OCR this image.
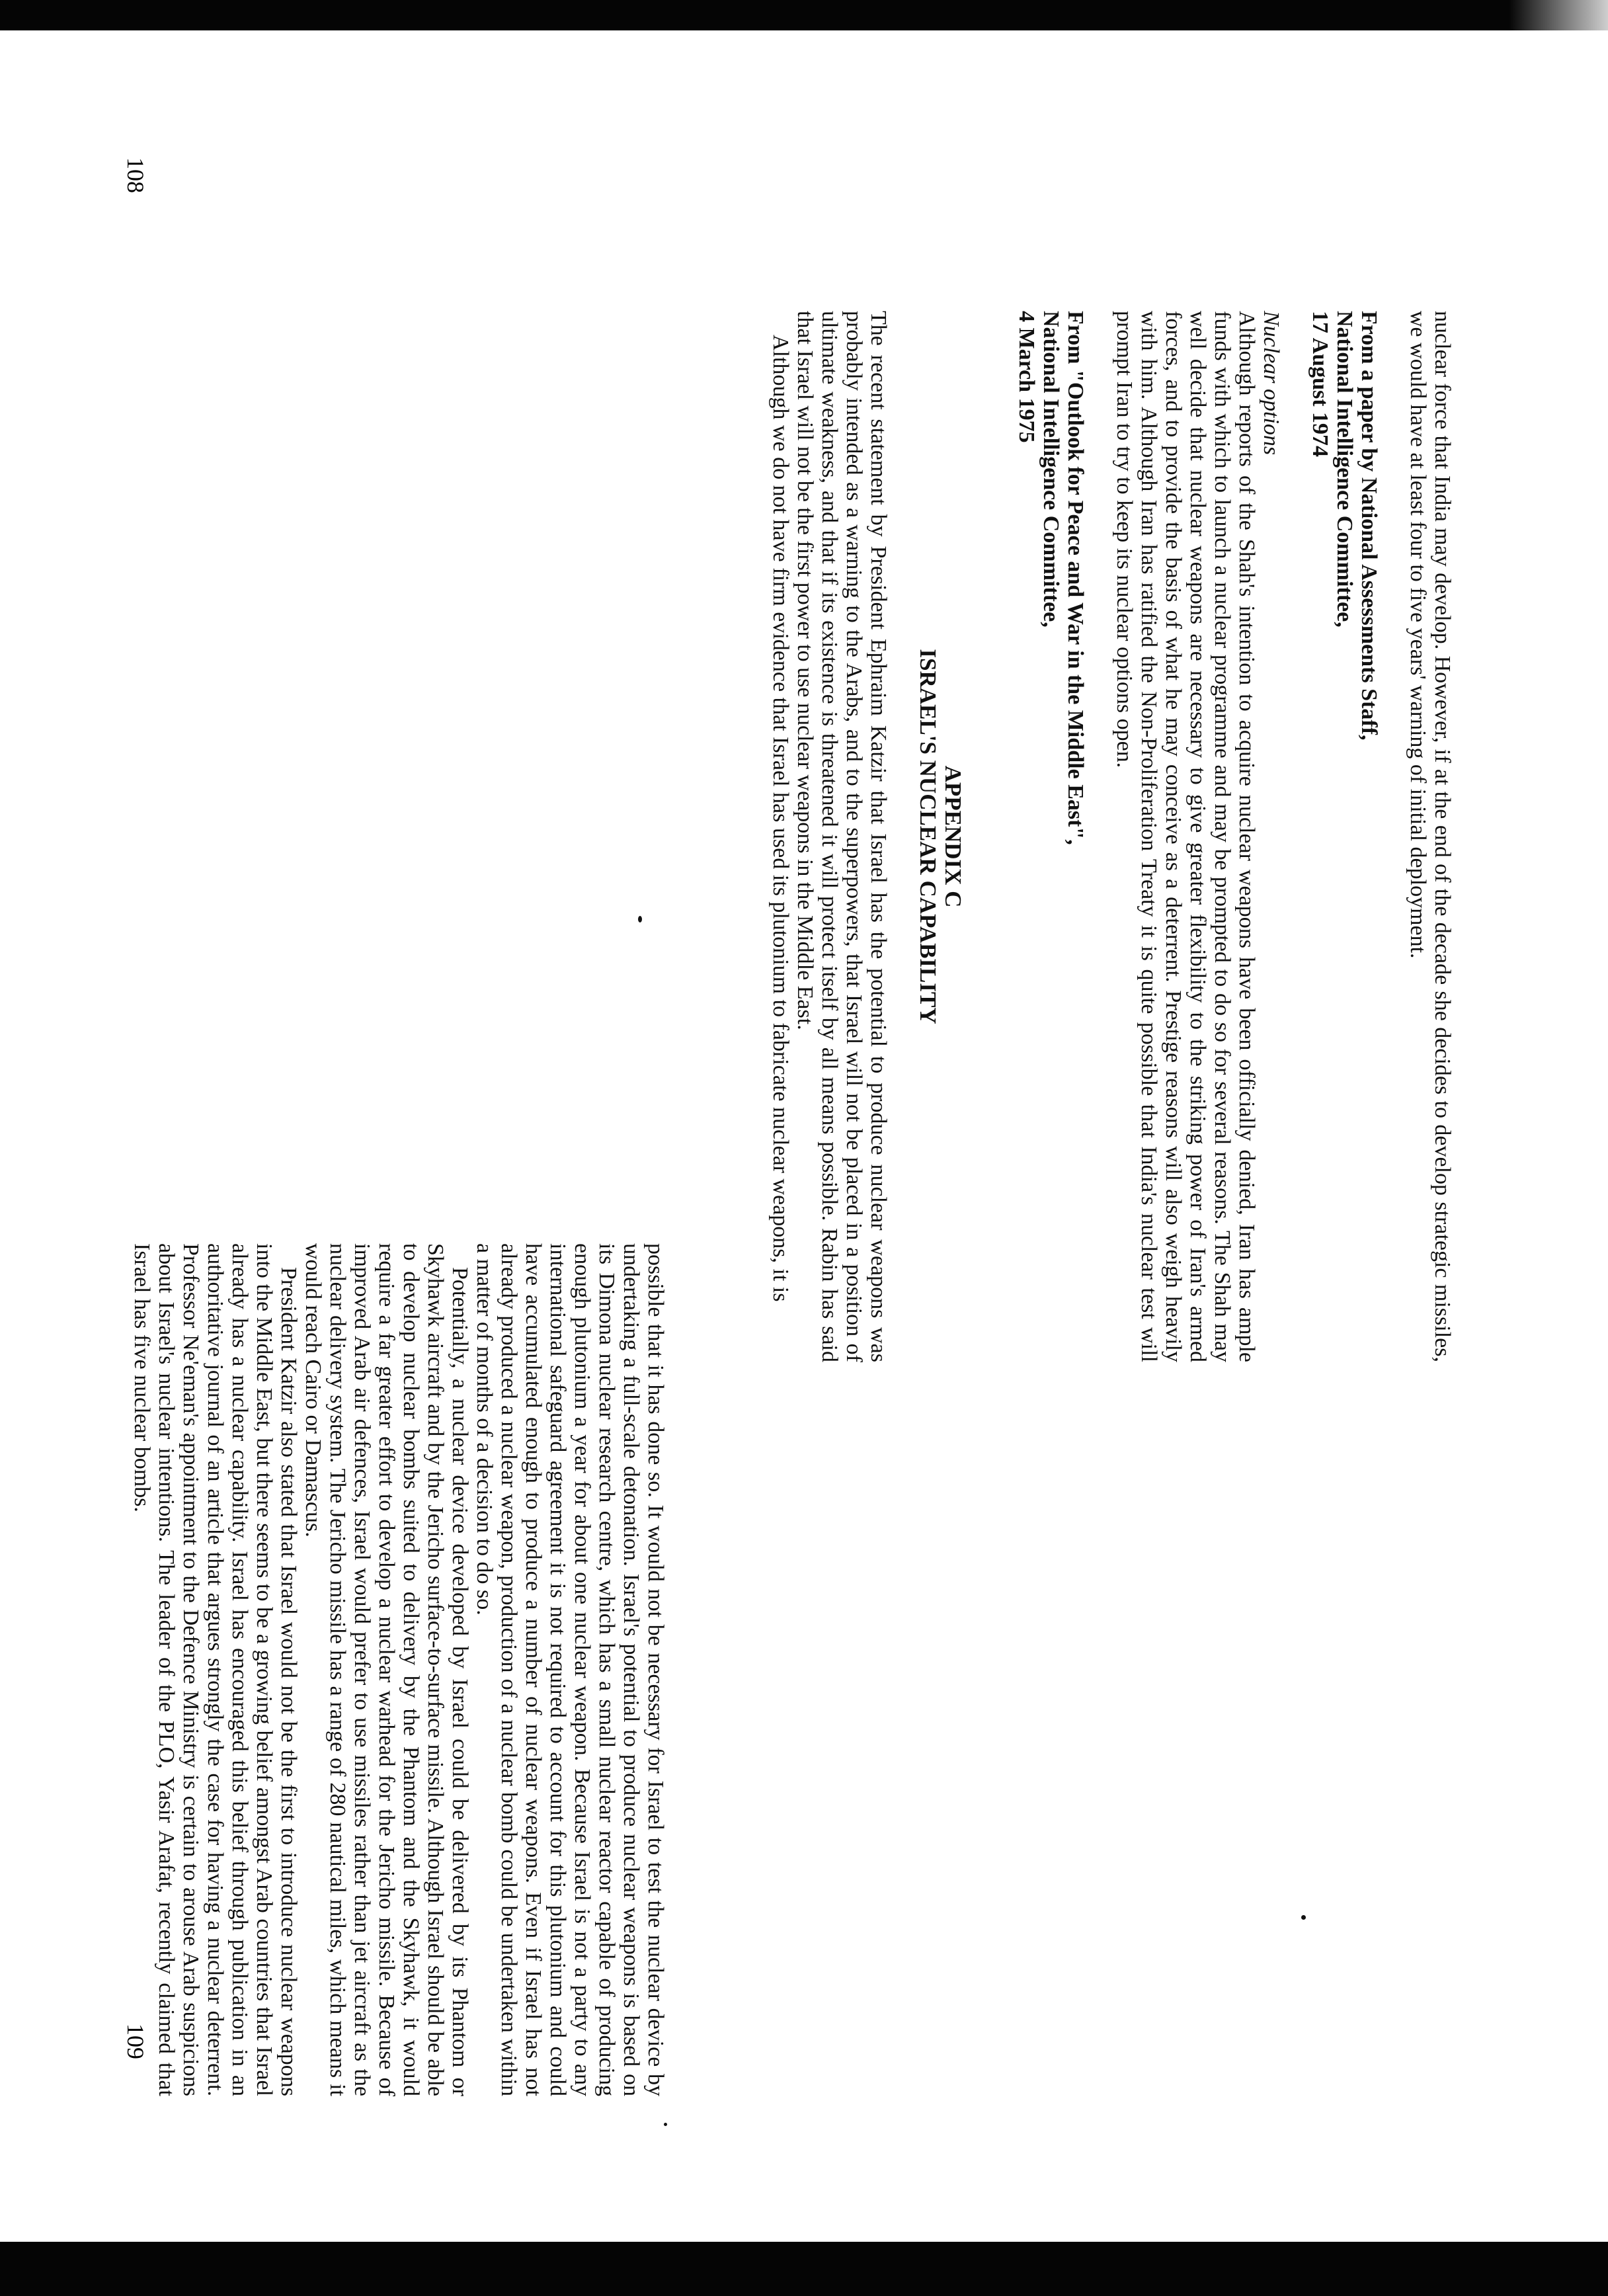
nuclear force that India may develop. However, if at the end of the decade she decides to develop strategic missiles, we would have at least four to five years' warning of initial deployment.

From a paper by National Assessments Staff,

National Intelligence Committee,

17 August 1974

Nuclear options

Although reports of the Shah's intention to acquire nuclear weapons have been officially denied, Iran has ample funds with which to launch a nuclear programme and may be prompted to do so for several reasons. The Shah may well decide that nuclear weapons are necessary to give greater flexibility to the striking power of Iran's armed forces, and to provide the basis of what he may conceive as a deterrent. Prestige reasons will also weigh heavily with him. Although Iran has ratified the Non-Proliferation Treaty it is quite possible that India's nuclear test will prompt Iran to try to keep its nuclear options open.

From "Outlook for Peace and War in the Middle East",

National Intelligence Committee,

4 March 1975

APPENDIX C

ISRAEL'S NUCLEAR CAPABILITY

The recent statement by President Ephraim Katzir that Israel has the potential to produce nuclear weapons was probably intended as a warning to the Arabs, and to the superpowers, that Israel will not be placed in a position of ultimate weakness, and that if its existence is threatened it will protect itself by all means possible. Rabin has said that Israel will not be the first power to use nuclear weapons in the Middle East.

Although we do not have firm evidence that Israel has used its plutonium to fabricate nuclear weapons, it is

possible that it has done so. It would not be necessary for Israel to test the nuclear device by undertaking a full-scale detonation. Israel's potential to produce nuclear weapons is based on its Dimona nuclear research centre, which has a small nuclear reactor capable of producing enough plutonium a year for about one nuclear weapon. Because Israel is not a party to any international safeguard agreement it is not required to account for this plutonium and could have accumulated enough to produce a number of nuclear weapons. Even if Israel has not already produced a nuclear weapon, production of a nuclear bomb could be undertaken within a matter of months of a decision to do so.

Potentially, a nuclear device developed by Israel could be delivered by its Phantom or Skyhawk aircraft and by the Jericho surface-to-surface missile. Although Israel should be able to develop nuclear bombs suited to delivery by the Phantom and the Skyhawk, it would require a far greater effort to develop a nuclear warhead for the Jericho missile. Because of improved Arab air defences, Israel would prefer to use missiles rather than jet aircraft as the nuclear delivery system. The Jericho missile has a range of 280 nautical miles, which means it would reach Cairo or Damascus.

President Katzir also stated that Israel would not be the first to introduce nuclear weapons into the Middle East, but there seems to be a growing belief amongst Arab countries that Israel already has a nuclear capability. Israel has encouraged this belief through publication in an authoritative journal of an article that argues strongly the case for having a nuclear deterrent. Professor Ne'eman's appointment to the Defence Ministry is certain to arouse Arab suspicions about Israel's nuclear intentions. The leader of the PLO, Yasir Arafat, recently claimed that Israel has five nuclear bombs.

108
109
